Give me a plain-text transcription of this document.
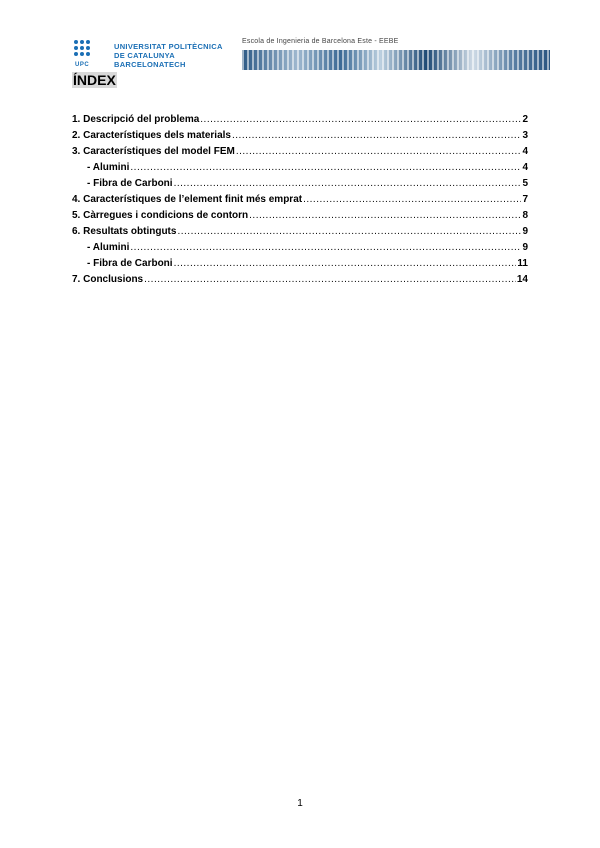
UPC
UNIVERSITAT POLITÈCNICA
DE CATALUNYA
BARCELONATECH
Escola de Ingenieria de Barcelona Este - EEBE
ÍNDEX
1. Descripció del problema .....	2
2. Característiques dels materials .....	3
3. Característiques del model FEM .....	4
- Alumini .....	4
- Fibra de Carboni .....	5
4. Característiques de l’element finit més emprat .....	7
5. Càrregues i condicions de contorn .....	8
6. Resultats obtinguts .....	9
- Alumini .....	9
- Fibra de Carboni .....	11
7. Conclusions .....	14
1
